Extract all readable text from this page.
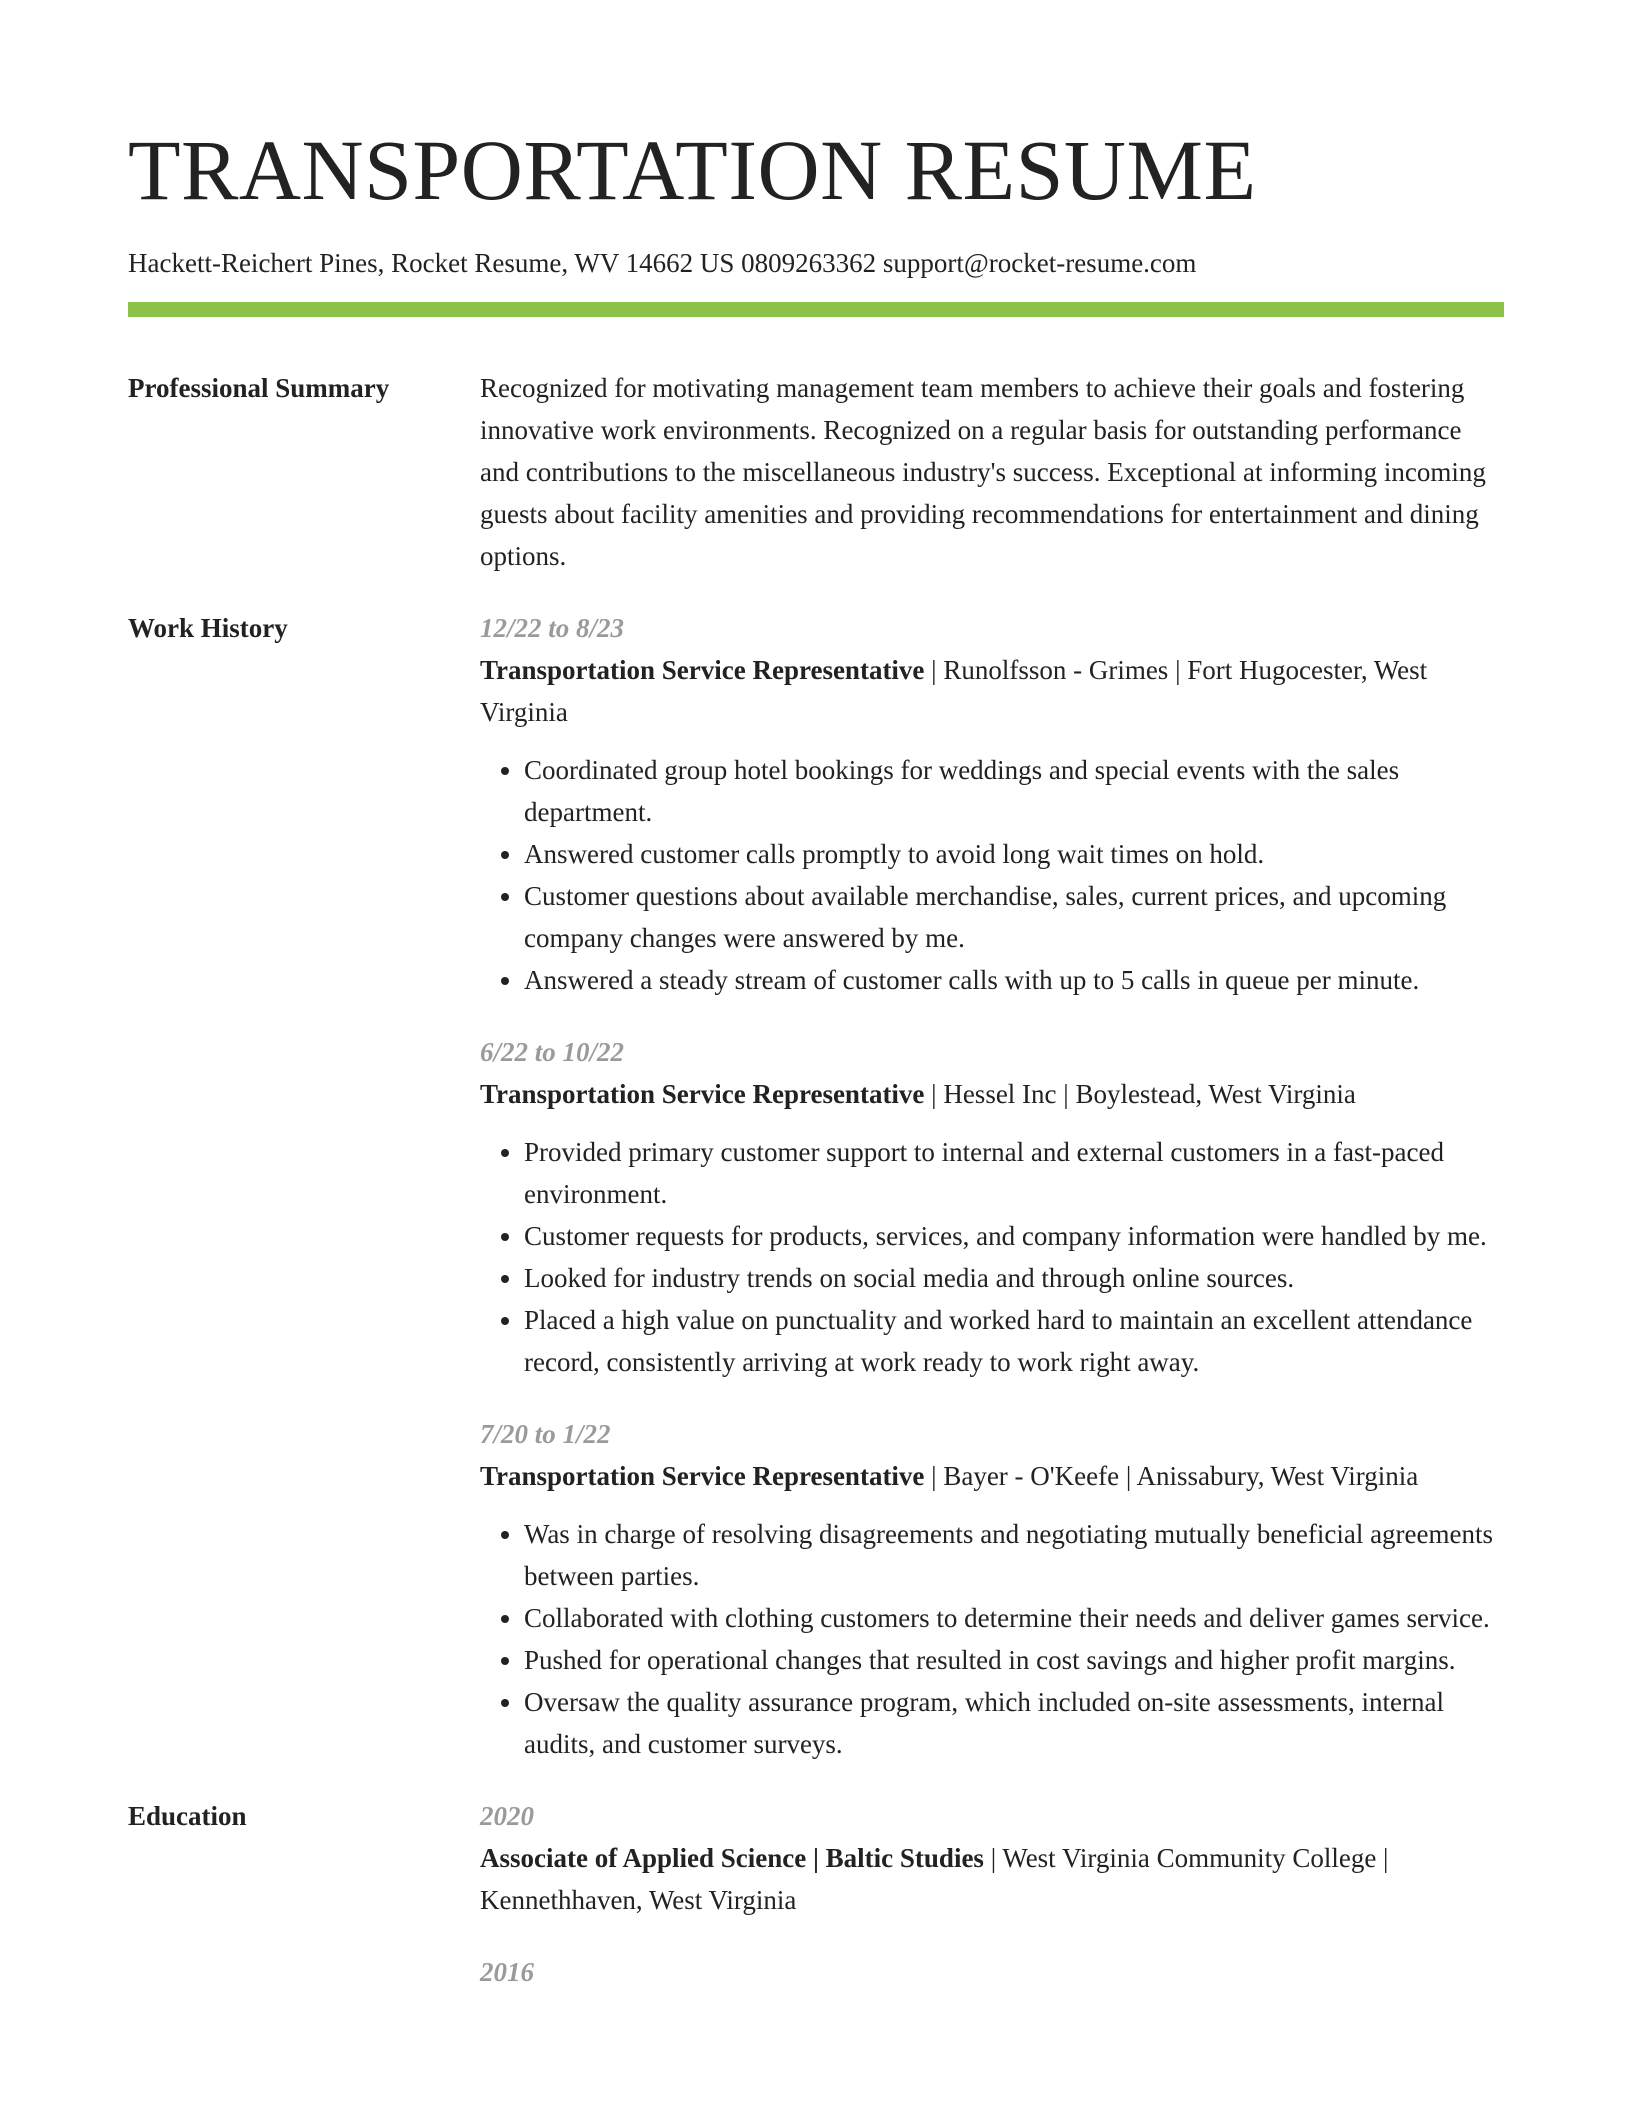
TRANSPORTATION RESUME
Hackett-Reichert Pines, Rocket Resume, WV 14662 US 0809263362 support@rocket-resume.com
Professional Summary	Recognized for motivating management team members to achieve their goals and fostering innovative work environments. Recognized on a regular basis for outstanding performance and contributions to the miscellaneous industry's success. Exceptional at informing incoming guests about facility amenities and providing recommendations for entertainment and dining options.
Work History	12/22 to 8/23
Transportation Service Representative | Runolfsson - Grimes | Fort Hugocester, West Virginia
• Coordinated group hotel bookings for weddings and special events with the sales department.
• Answered customer calls promptly to avoid long wait times on hold.
• Customer questions about available merchandise, sales, current prices, and upcoming company changes were answered by me.
• Answered a steady stream of customer calls with up to 5 calls in queue per minute.
6/22 to 10/22
Transportation Service Representative | Hessel Inc | Boylestead, West Virginia
• Provided primary customer support to internal and external customers in a fast-paced environment.
• Customer requests for products, services, and company information were handled by me.
• Looked for industry trends on social media and through online sources.
• Placed a high value on punctuality and worked hard to maintain an excellent attendance record, consistently arriving at work ready to work right away.
7/20 to 1/22
Transportation Service Representative | Bayer - O'Keefe | Anissabury, West Virginia
• Was in charge of resolving disagreements and negotiating mutually beneficial agreements between parties.
• Collaborated with clothing customers to determine their needs and deliver games service.
• Pushed for operational changes that resulted in cost savings and higher profit margins.
• Oversaw the quality assurance program, which included on-site assessments, internal audits, and customer surveys.
Education	2020
Associate of Applied Science | Baltic Studies | West Virginia Community College | Kennethhaven, West Virginia
2016
